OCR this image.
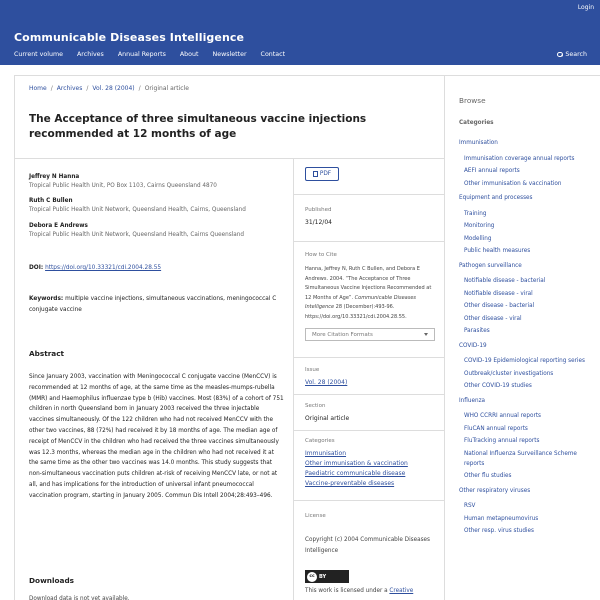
Login
Communicable Diseases Intelligence
Current volume Archives Annual Reports About Newsletter Contact	Search
Home / Archives / Vol. 28 (2004) / Original article
The Acceptance of three simultaneous vaccine injections recommended at 12 months of age
Jeffrey N Hanna
Tropical Public Health Unit, PO Box 1103, Cairns Queensland 4870
Ruth C Bullen
Tropical Public Health Unit Network, Queensland Health, Cairns, Queensland
Debora E Andrews
Tropical Public Health Unit Network, Queensland Health, Cairns Queensland
DOI: https://doi.org/10.33321/cdi.2004.28.55
Keywords: multiple vaccine injections, simultaneous vaccinations, meningococcal C conjugate vaccine
Abstract
Since January 2003, vaccination with Meningococcal C conjugate vaccine (MenCCV) is recommended at 12 months of age, at the same time as the measles-mumps-rubella (MMR) and Haemophilus influenzae type b (Hib) vaccines. Most (83%) of a cohort of 751 children in north Queensland born in January 2003 received the three injectable vaccines simultaneously. Of the 122 children who had not received MenCCV with the other two vaccines, 88 (72%) had received it by 18 months of age. The median age of receipt of MenCCV in the children who had received the three vaccines simultaneously was 12.3 months, whereas the median age in the children who had not received it at the same time as the other two vaccines was 14.0 months. This study suggests that non-simultaneous vaccination puts children at-risk of receiving MenCCV late, or not at all, and has implications for the introduction of universal infant pneumococcal vaccination program, starting in January 2005. Commun Dis Intell 2004;28:493–496.
Downloads
Download data is not yet available.
PDF
Published
31/12/04
How to Cite
Hanna, Jeffrey N, Ruth C Bullen, and Debora E Andrews. 2004. “The Acceptance of Three Simultaneous Vaccine Injections Recommended at 12 Months of Age”. Communicable Diseases Intelligence 28 (December):493-96. https://doi.org/10.33321/cdi.2004.28.55.
More Citation Formats
Issue
Vol. 28 (2004)
Section
Original article
Categories
Immunisation
Other immunisation & vaccination
Paediatric communicable disease
Vaccine-preventable diseases
License
Copyright (c) 2004 Communicable Diseases Intelligence
cc BY
This work is licensed under a Creative
Browse
Categories
Immunisation
Immunisation coverage annual reports
AEFI annual reports
Other immunisation & vaccination
Equipment and processes
Training
Monitoring
Modelling
Public health measures
Pathogen surveillance
Notifiable disease - bacterial
Notifiable disease - viral
Other disease - bacterial
Other disease - viral
Parasites
COVID-19
COVID-19 Epidemiological reporting series
Outbreak/cluster investigations
Other COVID-19 studies
Influenza
WHO CCRRI annual reports
FluCAN annual reports
FluTracking annual reports
National Influenza Surveillance Scheme reports
Other flu studies
Other respiratory viruses
RSV
Human metapneumovirus
Other resp. virus studies
